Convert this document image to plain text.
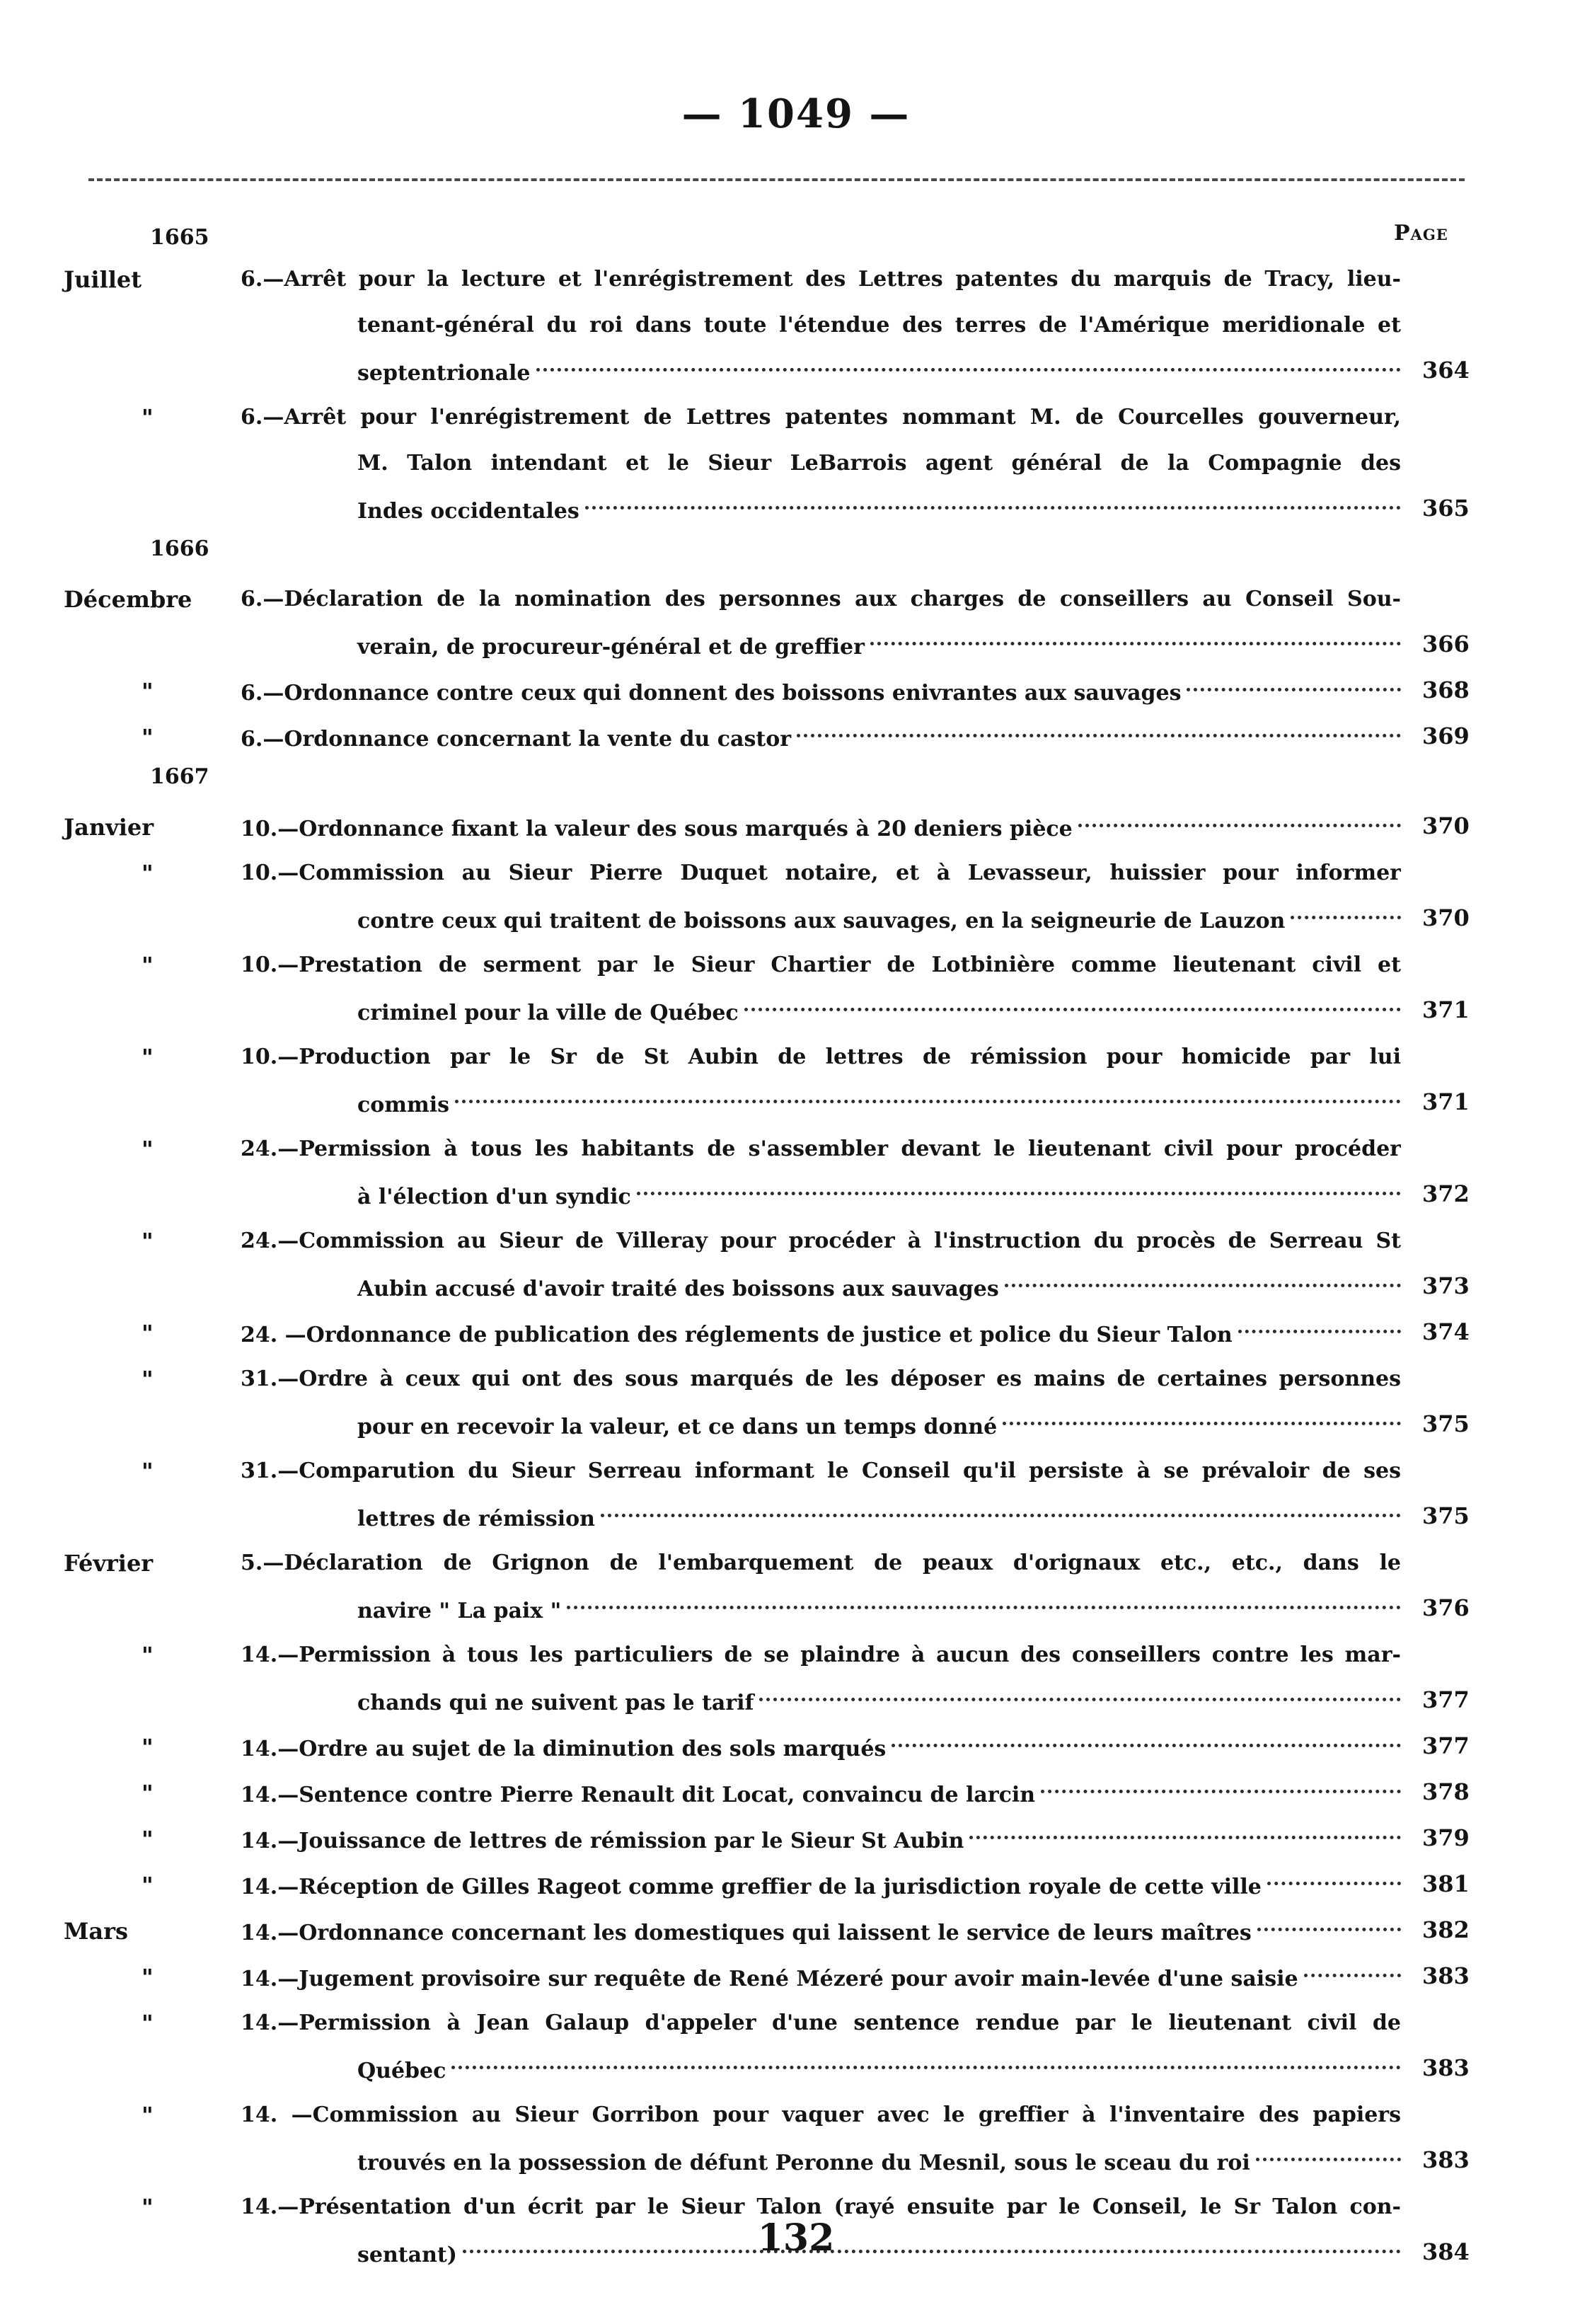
— 1049 —
Page
1665
Juillet	6.—Arrêt pour la lecture et l'enrégistrement des Lettres patentes du marquis de Tracy, lieu-
tenant-général du roi dans toute l'étendue des terres de l'Amérique meridionale et
septentrionale	364
"	6.—Arrêt pour l'enrégistrement de Lettres patentes nommant M. de Courcelles gouverneur,
M. Talon intendant et le Sieur LeBarrois agent général de la Compagnie des
Indes occidentales	365
1666
Décembre	6.—Déclaration de la nomination des personnes aux charges de conseillers au Conseil Sou-
verain, de procureur-général et de greffier	366
"	6.— Ordonnance contre ceux qui donnent des boissons enivrantes aux sauvages	368
"	6.— Ordonnance concernant la vente du castor	369
1667
Janvier	10.— Ordonnance fixant la valeur des sous marqués à 20 deniers pièce	370
"	10.—Commission au Sieur Pierre Duquet notaire, et à Levasseur, huissier pour informer
contre ceux qui traitent de boissons aux sauvages, en la seigneurie de Lauzon	370
"	10.—Prestation de serment par le Sieur Chartier de Lotbinière comme lieutenant civil et
criminel pour la ville de Québec	371
"	10.—Production par le Sr de St Aubin de lettres de rémission pour homicide par lui
commis	371
"	24.—Permission à tous les habitants de s'assembler devant le lieutenant civil pour procéder
à l'élection d'un syndic	372
"	24.—Commission au Sieur de Villeray pour procéder à l'instruction du procès de Serreau St
Aubin accusé d'avoir traité des boissons aux sauvages	373
"	24. — Ordonnance de publication des réglements de justice et police du Sieur Talon	374
"	31.—Ordre à ceux qui ont des sous marqués de les déposer es mains de certaines personnes
pour en recevoir la valeur, et ce dans un temps donné	375
"	31.—Comparution du Sieur Serreau informant le Conseil qu'il persiste à se prévaloir de ses
lettres de rémission	375
Février	5.—Déclaration de Grignon de l'embarquement de peaux d'orignaux etc., etc., dans le
navire " La paix "	376
"	14.—Permission à tous les particuliers de se plaindre à aucun des conseillers contre les mar-
chands qui ne suivent pas le tarif	377
"	14.— Ordre au sujet de la diminution des sols marqués	377
"	14.— Sentence contre Pierre Renault dit Locat, convaincu de larcin	378
"	14.— Jouissance de lettres de rémission par le Sieur St Aubin	379
"	14.— Réception de Gilles Rageot comme greffier de la jurisdiction royale de cette ville	381
Mars	14.— Ordonnance concernant les domestiques qui laissent le service de leurs maîtres	382
"	14.— Jugement provisoire sur requête de René Mézeré pour avoir main-levée d'une saisie	383
"	14.—Permission à Jean Galaup d'appeler d'une sentence rendue par le lieutenant civil de
Québec	383
"	14. —Commission au Sieur Gorribon pour vaquer avec le greffier à l'inventaire des papiers
trouvés en la possession de défunt Peronne du Mesnil, sous le sceau du roi	383
"	14.—Présentation d'un écrit par le Sieur Talon (rayé ensuite par le Conseil, le Sr Talon con-
sentant)	384
132
